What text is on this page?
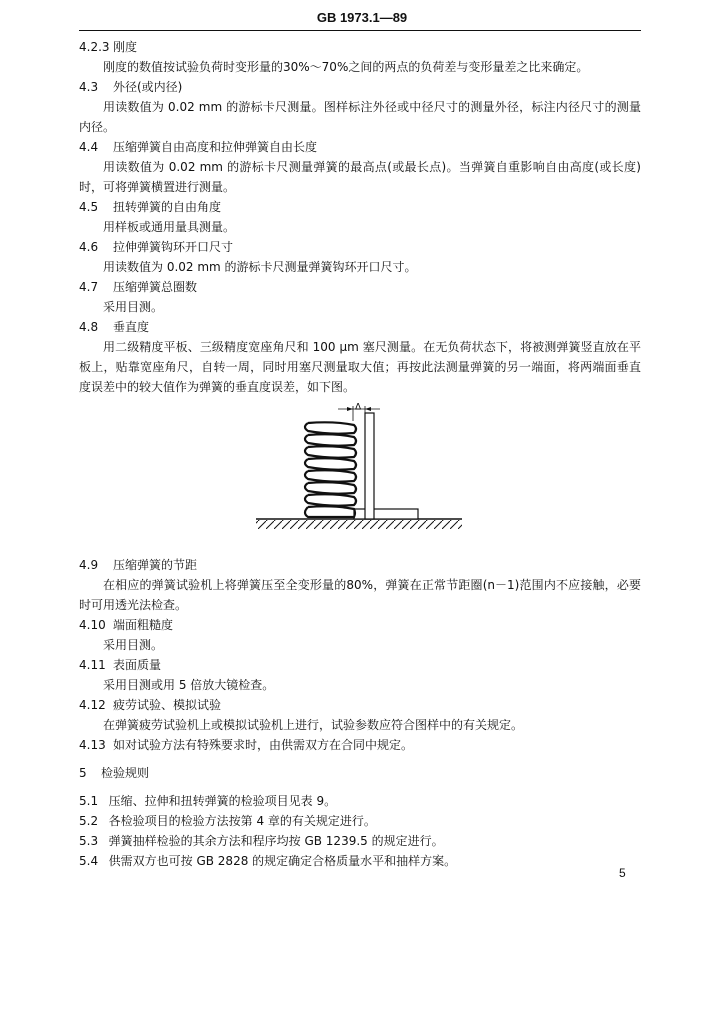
GB 1973.1—89

4.2.3 刚度

刚度的数值按试验负荷时变形量的30%～70%之间的两点的负荷差与变形量差之比来确定。

4.3 外径(或内径)

用读数值为 0.02 mm 的游标卡尺测量。图样标注外径或中径尺寸的测量外径，标注内径尺寸的测量内径。

4.4 压缩弹簧自由高度和拉伸弹簧自由长度

用读数值为 0.02 mm 的游标卡尺测量弹簧的最高点(或最长点)。当弹簧自重影响自由高度(或长度)时，可将弹簧横置进行测量。

4.5 扭转弹簧的自由角度

用样板或通用量具测量。

4.6 拉伸弹簧钩环开口尺寸

用读数值为 0.02 mm 的游标卡尺测量弹簧钩环开口尺寸。

4.7 压缩弹簧总圈数

采用目测。

4.8 垂直度

用二级精度平板、三级精度宽座角尺和 100 μm 塞尺测量。在无负荷状态下，将被测弹簧竖直放在平板上，贴靠宽座角尺，自转一周，同时用塞尺测量取大值；再按此法测量弹簧的另一端面，将两端面垂直度误差中的较大值作为弹簧的垂直度误差，如下图。

Δ

4.9 压缩弹簧的节距

在相应的弹簧试验机上将弹簧压至全变形量的80%，弹簧在正常节距圈(n－1)范围内不应接触，必要时可用透光法检查。

4.10 端面粗糙度

采用目测。

4.11 表面质量

采用目测或用 5 倍放大镜检查。

4.12 疲劳试验、模拟试验

在弹簧疲劳试验机上或模拟试验机上进行，试验参数应符合图样中的有关规定。

4.13 如对试验方法有特殊要求时，由供需双方在合同中规定。

5 检验规则

5.1 压缩、拉伸和扭转弹簧的检验项目见表 9。

5.2 各检验项目的检验方法按第 4 章的有关规定进行。

5.3 弹簧抽样检验的其余方法和程序均按 GB 1239.5 的规定进行。

5.4 供需双方也可按 GB 2828 的规定确定合格质量水平和抽样方案。

5
